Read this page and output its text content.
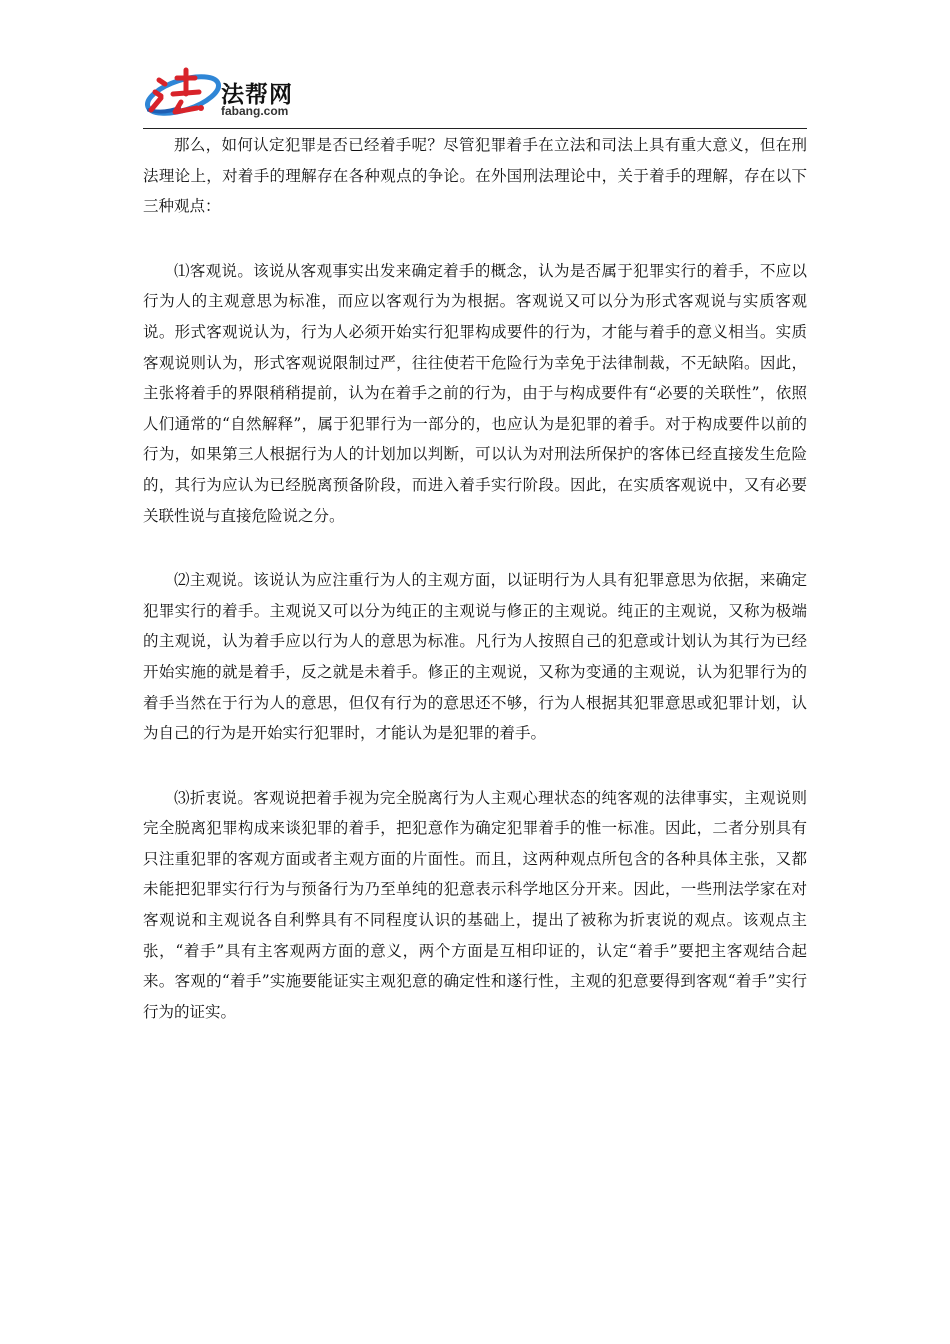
法帮网
fabang.com

那么，如何认定犯罪是否已经着手呢？尽管犯罪着手在立法和司法上具有重大意义，但在刑法理论上，对着手的理解存在各种观点的争论。在外国刑法理论中，关于着手的理解，存在以下三种观点：

⑴客观说。该说从客观事实出发来确定着手的概念，认为是否属于犯罪实行的着手，不应以行为人的主观意思为标准，而应以客观行为为根据。客观说又可以分为形式客观说与实质客观说。形式客观说认为，行为人必须开始实行犯罪构成要件的行为，才能与着手的意义相当。实质客观说则认为，形式客观说限制过严，往往使若干危险行为幸免于法律制裁，不无缺陷。因此，主张将着手的界限稍稍提前，认为在着手之前的行为，由于与构成要件有“必要的关联性”，依照人们通常的“自然解释”，属于犯罪行为一部分的，也应认为是犯罪的着手。对于构成要件以前的行为，如果第三人根据行为人的计划加以判断，可以认为对刑法所保护的客体已经直接发生危险的，其行为应认为已经脱离预备阶段，而进入着手实行阶段。因此，在实质客观说中，又有必要关联性说与直接危险说之分。

⑵主观说。该说认为应注重行为人的主观方面，以证明行为人具有犯罪意思为依据，来确定犯罪实行的着手。主观说又可以分为纯正的主观说与修正的主观说。纯正的主观说，又称为极端的主观说，认为着手应以行为人的意思为标准。凡行为人按照自己的犯意或计划认为其行为已经开始实施的就是着手，反之就是未着手。修正的主观说，又称为变通的主观说，认为犯罪行为的着手当然在于行为人的意思，但仅有行为的意思还不够，行为人根据其犯罪意思或犯罪计划，认为自己的行为是开始实行犯罪时，才能认为是犯罪的着手。

⑶折衷说。客观说把着手视为完全脱离行为人主观心理状态的纯客观的法律事实，主观说则完全脱离犯罪构成来谈犯罪的着手，把犯意作为确定犯罪着手的惟一标准。因此，二者分别具有只注重犯罪的客观方面或者主观方面的片面性。而且，这两种观点所包含的各种具体主张，又都未能把犯罪实行行为与预备行为乃至单纯的犯意表示科学地区分开来。因此，一些刑法学家在对客观说和主观说各自利弊具有不同程度认识的基础上，提出了被称为折衷说的观点。该观点主张，“着手”具有主客观两方面的意义，两个方面是互相印证的，认定“着手”要把主客观结合起来。客观的“着手”实施要能证实主观犯意的确定性和遂行性，主观的犯意要得到客观“着手”实行行为的证实。
